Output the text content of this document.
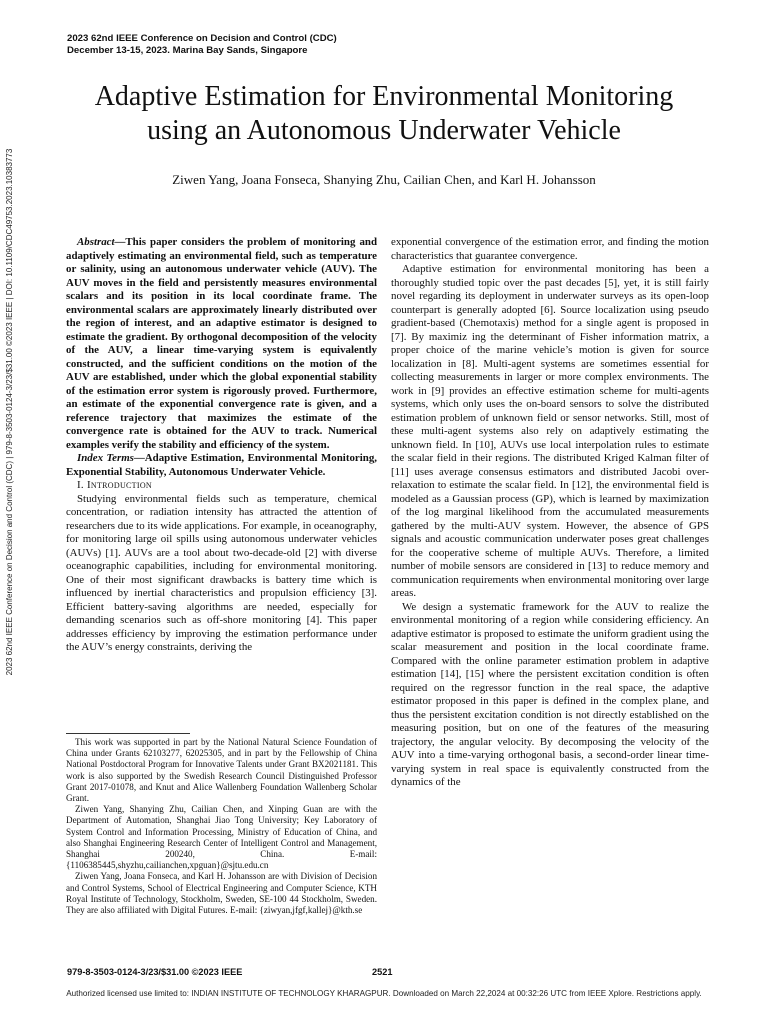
2023 62nd IEEE Conference on Decision and Control (CDC)
December 13-15, 2023. Marina Bay Sands, Singapore
Adaptive Estimation for Environmental Monitoring
using an Autonomous Underwater Vehicle
Ziwen Yang, Joana Fonseca, Shanying Zhu, Cailian Chen, and Karl H. Johansson

Abstract—This paper considers the problem of monitoring and adaptively estimating an environmental field, such as temperature or salinity, using an autonomous underwater vehicle (AUV). The AUV moves in the field and persistently measures environmental scalars and its position in its local coordinate frame. The environmental scalars are approximately linearly distributed over the region of interest, and an adaptive estimator is designed to estimate the gradient. By orthogonal decomposition of the velocity of the AUV, a linear time-varying system is equivalently constructed, and the sufficient conditions on the motion of the AUV are established, under which the global exponential stability of the estimation error system is rigorously proved. Furthermore, an estimate of the exponential convergence rate is given, and a reference trajectory that maximizes the estimate of the convergence rate is obtained for the AUV to track. Numerical examples verify the stability and efficiency of the system.

Index Terms—Adaptive Estimation, Environmental Monitoring, Exponential Stability, Autonomous Underwater Vehicle.

I. Introduction

Studying environmental fields such as temperature, chemical concentration, or radiation intensity has attracted the attention of researchers due to its wide applications. For example, in oceanography, for monitoring large oil spills using autonomous underwater vehicles (AUVs) [1]. AUVs are a tool about two-decade-old [2] with diverse oceanographic capabilities, including for environmental monitoring. One of their most significant drawbacks is battery time which is influenced by inertial characteristics and propulsion efficiency [3]. Efficient battery-saving algorithms are needed, especially for demanding scenarios such as off-shore monitoring [4]. This paper addresses efficiency by improving the estimation performance under the AUV’s energy constraints, deriving the

This work was supported in part by the National Natural Science Foundation of China under Grants 62103277, 62025305, and in part by the Fellowship of China National Postdoctoral Program for Innovative Talents under Grant BX2021181. This work is also supported by the Swedish Research Council Distinguished Professor Grant 2017-01078, and Knut and Alice Wallenberg Foundation Wallenberg Scholar Grant.

Ziwen Yang, Shanying Zhu, Cailian Chen, and Xinping Guan are with the Department of Automation, Shanghai Jiao Tong University; Key Laboratory of System Control and Information Processing, Ministry of Education of China, and also Shanghai Engineering Research Center of Intelligent Control and Management, Shanghai 200240, China. E-mail:{1106385445,shyzhu,cailianchen,xpguan}@sjtu.edu.cn

Ziwen Yang, Joana Fonseca, and Karl H. Johansson are with Division of Decision and Control Systems, School of Electrical Engineering and Computer Science, KTH Royal Institute of Technology, Stockholm, Sweden, SE-100 44 Stockholm, Sweden. They are also affiliated with Digital Futures. E-mail: {ziwyan,jfgf,kallej}@kth.se

exponential convergence of the estimation error, and finding the motion characteristics that guarantee convergence.

Adaptive estimation for environmental monitoring has been a thoroughly studied topic over the past decades [5], yet, it is still fairly novel regarding its deployment in underwater surveys as its open-loop counterpart is generally adopted [6]. Source localization using pseudo gradient-based (Chemotaxis) method for a single agent is proposed in [7]. By maximiz ing the determinant of Fisher information matrix, a proper choice of the marine vehicle’s motion is given for source localization in [8]. Multi-agent systems are sometimes essential for collecting measurements in larger or more complex environments. The work in [9] provides an effective estimation scheme for multi-agents systems, which only uses the on-board sensors to solve the distributed estimation problem of unknown field or sensor networks. Still, most of these multi-agent systems also rely on adaptively estimating the unknown field. In [10], AUVs use local interpolation rules to estimate the scalar field in their regions. The distributed Kriged Kalman filter of [11] uses average consensus estimators and distributed Jacobi over-relaxation to estimate the scalar field. In [12], the environmental field is modeled as a Gaussian process (GP), which is learned by maximization of the log marginal likelihood from the accumulated measurements gathered by the multi-AUV system. However, the absence of GPS signals and acoustic communication underwater poses great challenges for the cooperative scheme of multiple AUVs. Therefore, a limited number of mobile sensors are considered in [13] to reduce memory and communication requirements when environmental monitoring over large areas.

We design a systematic framework for the AUV to realize the environmental monitoring of a region while considering efficiency. An adaptive estimator is proposed to estimate the uniform gradient using the scalar measurement and position in the local coordinate frame. Compared with the online parameter estimation problem in adaptive estimation [14], [15] where the persistent excitation condition is often required on the regressor function in the real space, the adaptive estimator proposed in this paper is defined in the complex plane, and thus the persistent excitation condition is not directly established on the measuring position, but on one of the features of the measuring trajectory, the angular velocity. By decomposing the velocity of the AUV into a time-varying orthogonal basis, a second-order linear time-varying system in real space is equivalently constructed from the dynamics of the

2023 62nd IEEE Conference on Decision and Control (CDC) | 979-8-3503-0124-3/23/$31.00 ©2023 IEEE | DOI: 10.1109/CDC49753.2023.10383773
979-8-3503-0124-3/23/$31.00 ©2023 IEEE	2521
Authorized licensed use limited to: INDIAN INSTITUTE OF TECHNOLOGY KHARAGPUR. Downloaded on March 22,2024 at 00:32:26 UTC from IEEE Xplore. Restrictions apply.
